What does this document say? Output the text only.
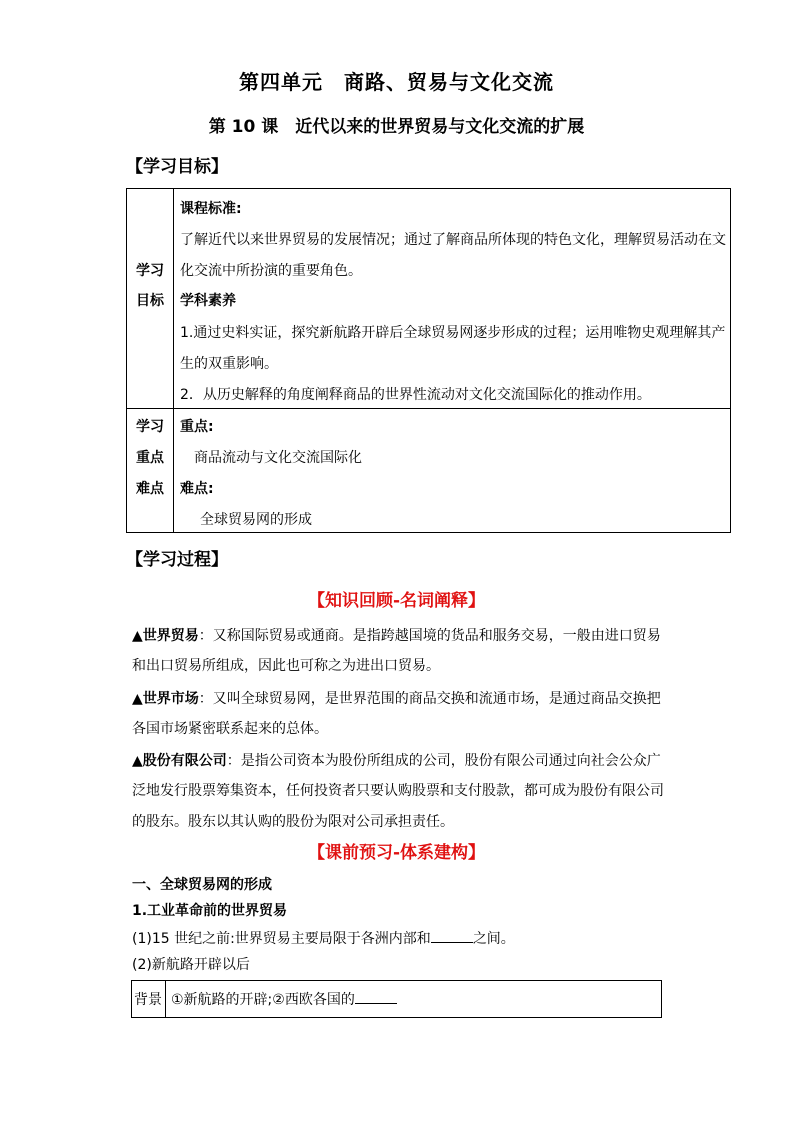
第四单元　商路、贸易与文化交流
第 10 课　近代以来的世界贸易与文化交流的扩展
【学习目标】
学习
目标
课程标准:
了解近代以来世界贸易的发展情况；通过了解商品所体现的特色文化，理解贸易活动在文
化交流中所扮演的重要角色。
学科素养
1.通过史料实证，探究新航路开辟后全球贸易网逐步形成的过程；运用唯物史观理解其产
生的双重影响。
2．从历史解释的角度阐释商品的世界性流动对文化交流国际化的推动作用。
学习
重点
难点
重点:
商品流动与文化交流国际化
难点:
全球贸易网的形成
【学习过程】
【知识回顾-名词阐释】
▲世界贸易：又称国际贸易或通商。是指跨越国境的货品和服务交易，一般由进口贸易
和出口贸易所组成，因此也可称之为进出口贸易。
▲世界市场：又叫全球贸易网，是世界范围的商品交换和流通市场，是通过商品交换把
各国市场紧密联系起来的总体。
▲股份有限公司：是指公司资本为股份所组成的公司，股份有限公司通过向社会公众广
泛地发行股票筹集资本，任何投资者只要认购股票和支付股款，都可成为股份有限公司
的股东。股东以其认购的股份为限对公司承担责任。
【课前预习-体系建构】
一、全球贸易网的形成
1.工业革命前的世界贸易
(1)15 世纪之前:世界贸易主要局限于各洲内部和	之间。
(2)新航路开辟以后
背景 ①新航路的开辟;②西欧各国的
